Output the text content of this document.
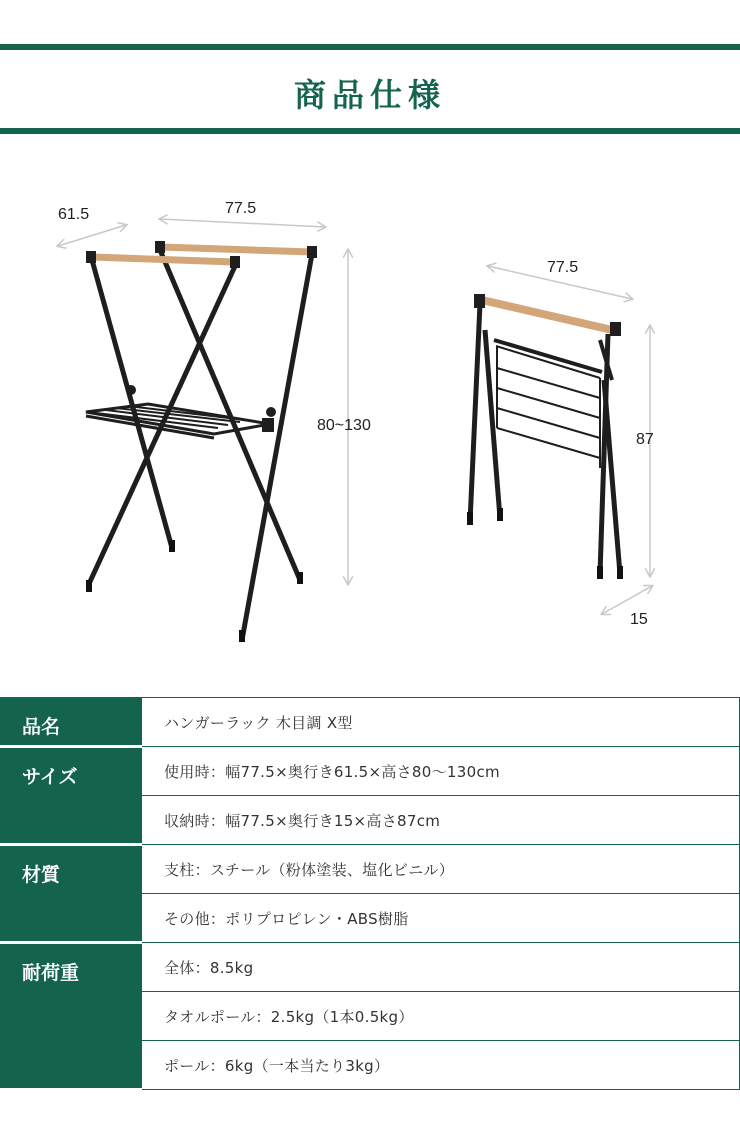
商品仕様
61.5	77.5
80~130
77.5
87
15
品名	ハンガーラック 木目調 X型
サイズ	使用時：幅77.5×奥行き61.5×高さ80～130cm
	収納時：幅77.5×奥行き15×高さ87cm
材質	支柱：スチール（粉体塗装、塩化ビニル）
	その他：ポリプロピレン・ABS樹脂
耐荷重	全体：8.5kg
	タオルポール：2.5kg（1本0.5kg）
	ポール：6kg（一本当たり3kg）
